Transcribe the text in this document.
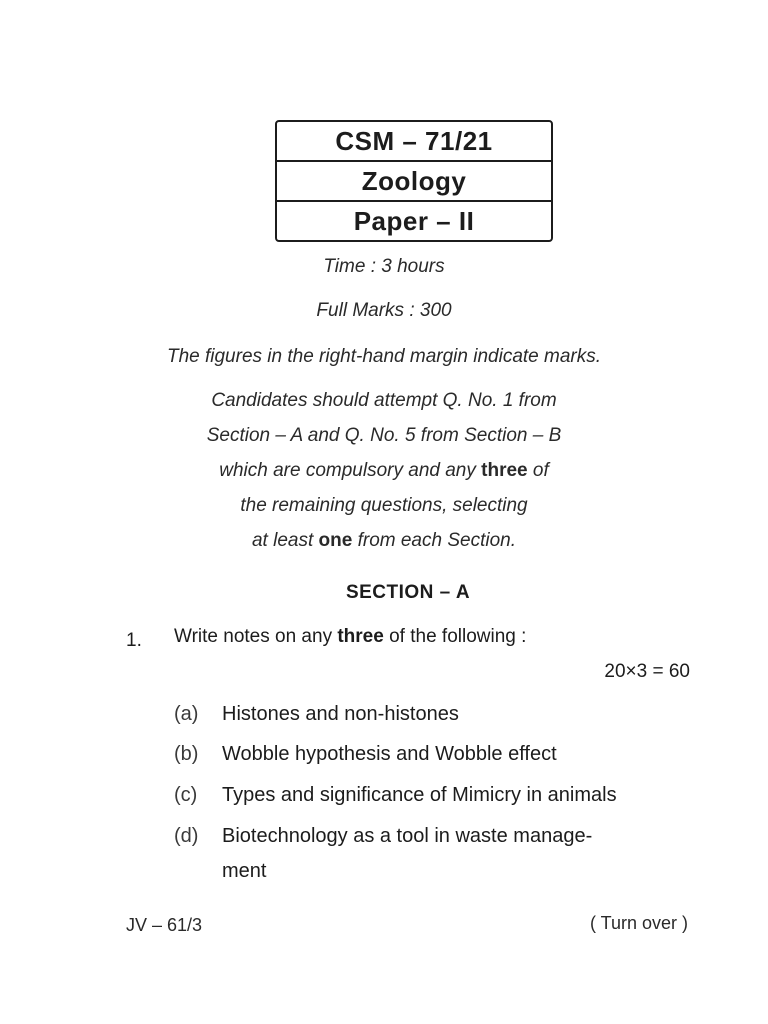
CSM – 71/21
Zoology
Paper – II
Time : 3 hours
Full Marks : 300
The figures in the right-hand margin indicate marks.
Candidates should attempt Q. No. 1 from
Section – A and Q. No. 5 from Section – B
which are compulsory and any three of
the remaining questions, selecting
at least one from each Section.
SECTION – A
1. Write notes on any three of the following :
20×3 = 60
(a) Histones and non-histones
(b) Wobble hypothesis and Wobble effect
(c) Types and significance of Mimicry in animals
(d) Biotechnology as a tool in waste manage-
ment
JV – 61/3	( Turn over )
